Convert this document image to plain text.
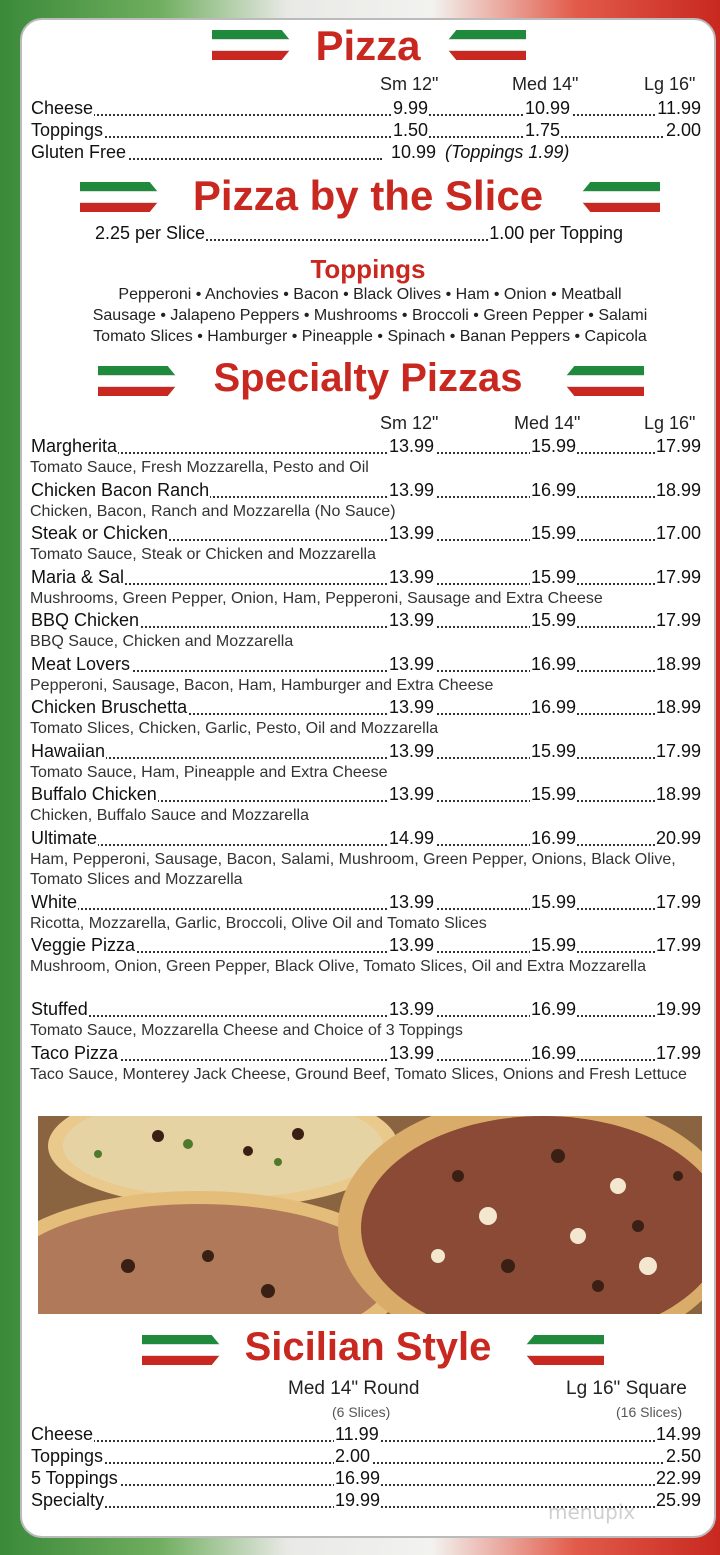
Pizza
Sm 12"	Med 14"	Lg 16"
Cheese	9.99	10.99	11.99
Toppings	1.50	1.75	2.00
Gluten Free	10.99 (Toppings 1.99)
Pizza by the Slice
2.25 per Slice	1.00 per Topping
Toppings
Pepperoni • Anchovies • Bacon • Black Olives • Ham • Onion • Meatball
Sausage • Jalapeno Peppers • Mushrooms • Broccoli • Green Pepper • Salami
Tomato Slices • Hamburger • Pineapple • Spinach • Banan Peppers • Capicola
Specialty Pizzas
Sm 12"	Med 14"	Lg 16"
Margherita	13.99	15.99	17.99
Tomato Sauce, Fresh Mozzarella, Pesto and Oil
Chicken Bacon Ranch	13.99	16.99	18.99
Chicken, Bacon, Ranch and Mozzarella (No Sauce)
Steak or Chicken	13.99	15.99	17.00
Tomato Sauce, Steak or Chicken and Mozzarella
Maria & Sal	13.99	15.99	17.99
Mushrooms, Green Pepper, Onion, Ham, Pepperoni, Sausage and Extra Cheese
BBQ Chicken	13.99	15.99	17.99
BBQ Sauce, Chicken and Mozzarella
Meat Lovers	13.99	16.99	18.99
Pepperoni, Sausage, Bacon, Ham, Hamburger and Extra Cheese
Chicken Bruschetta	13.99	16.99	18.99
Tomato Slices, Chicken, Garlic, Pesto, Oil and Mozzarella
Hawaiian	13.99	15.99	17.99
Tomato Sauce, Ham, Pineapple and Extra Cheese
Buffalo Chicken	13.99	15.99	18.99
Chicken, Buffalo Sauce and Mozzarella
Ultimate	14.99	16.99	20.99
Ham, Pepperoni, Sausage, Bacon, Salami, Mushroom, Green Pepper, Onions, Black Olive, Tomato Slices and Mozzarella
White	13.99	15.99	17.99
Ricotta, Mozzarella, Garlic, Broccoli, Olive Oil and Tomato Slices
Veggie Pizza	13.99	15.99	17.99
Mushroom, Onion, Green Pepper, Black Olive, Tomato Slices, Oil and Extra Mozzarella
Stuffed	13.99	16.99	19.99
Tomato Sauce, Mozzarella Cheese and Choice of 3 Toppings
Taco Pizza	13.99	16.99	17.99
Taco Sauce, Monterey Jack Cheese, Ground Beef, Tomato Slices, Onions and Fresh Lettuce
Sicilian Style
Med 14" Round
(6 Slices)
Lg 16" Square
(16 Slices)
Cheese	11.99	14.99
Toppings	2.00	2.50
5 Toppings	16.99	22.99
Specialty	19.99	25.99
menupix
